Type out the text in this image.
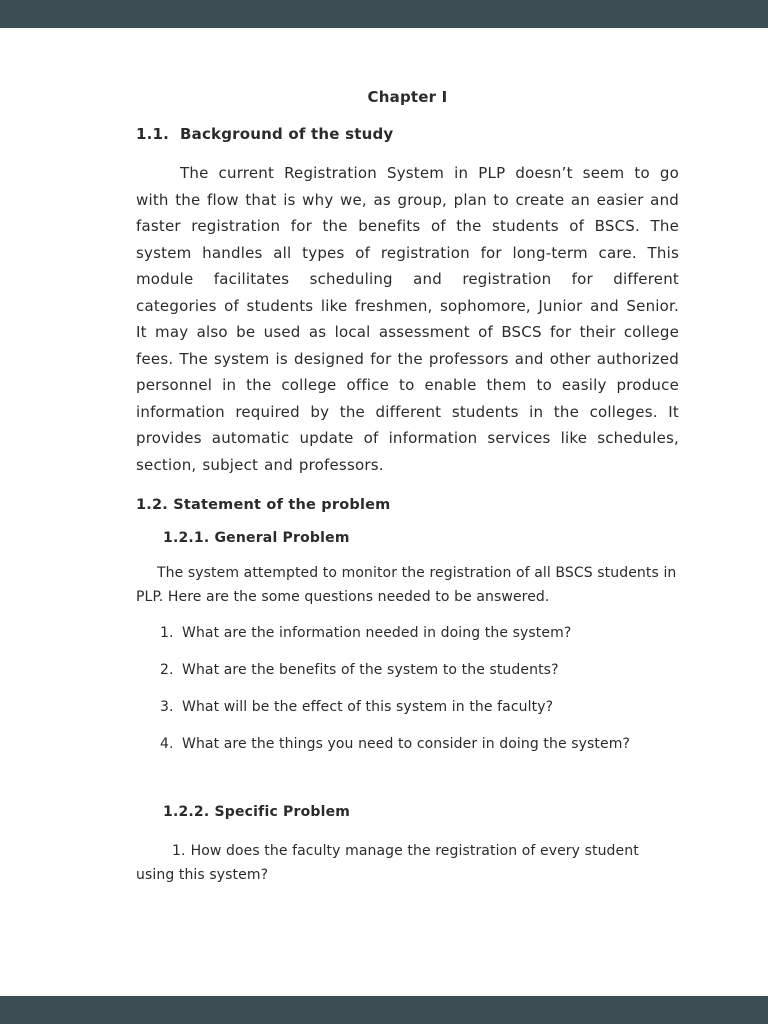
Chapter I
1.1. Background of the study

The current Registration System in PLP doesn’t seem to go with the flow that is why we, as group, plan to create an easier and faster registration for the benefits of the students of BSCS. The system handles all types of registration for long-term care. This module facilitates scheduling and registration for different categories of students like freshmen, sophomore, Junior and Senior. It may also be used as local assessment of BSCS for their college fees. The system is designed for the professors and other authorized personnel in the college office to enable them to easily produce information required by the different students in the colleges. It provides automatic update of information services like schedules, section, subject and professors.

1.2. Statement of the problem
1.2.1. General Problem

The system attempted to monitor the registration of all BSCS students in PLP. Here are the some questions needed to be answered.

1. What are the information needed in doing the system?
2. What are the benefits of the system to the students?
3. What will be the effect of this system in the faculty?
4. What are the things you need to consider in doing the system?
1.2.2. Specific Problem

1. How does the faculty manage the registration of every student using this system?
